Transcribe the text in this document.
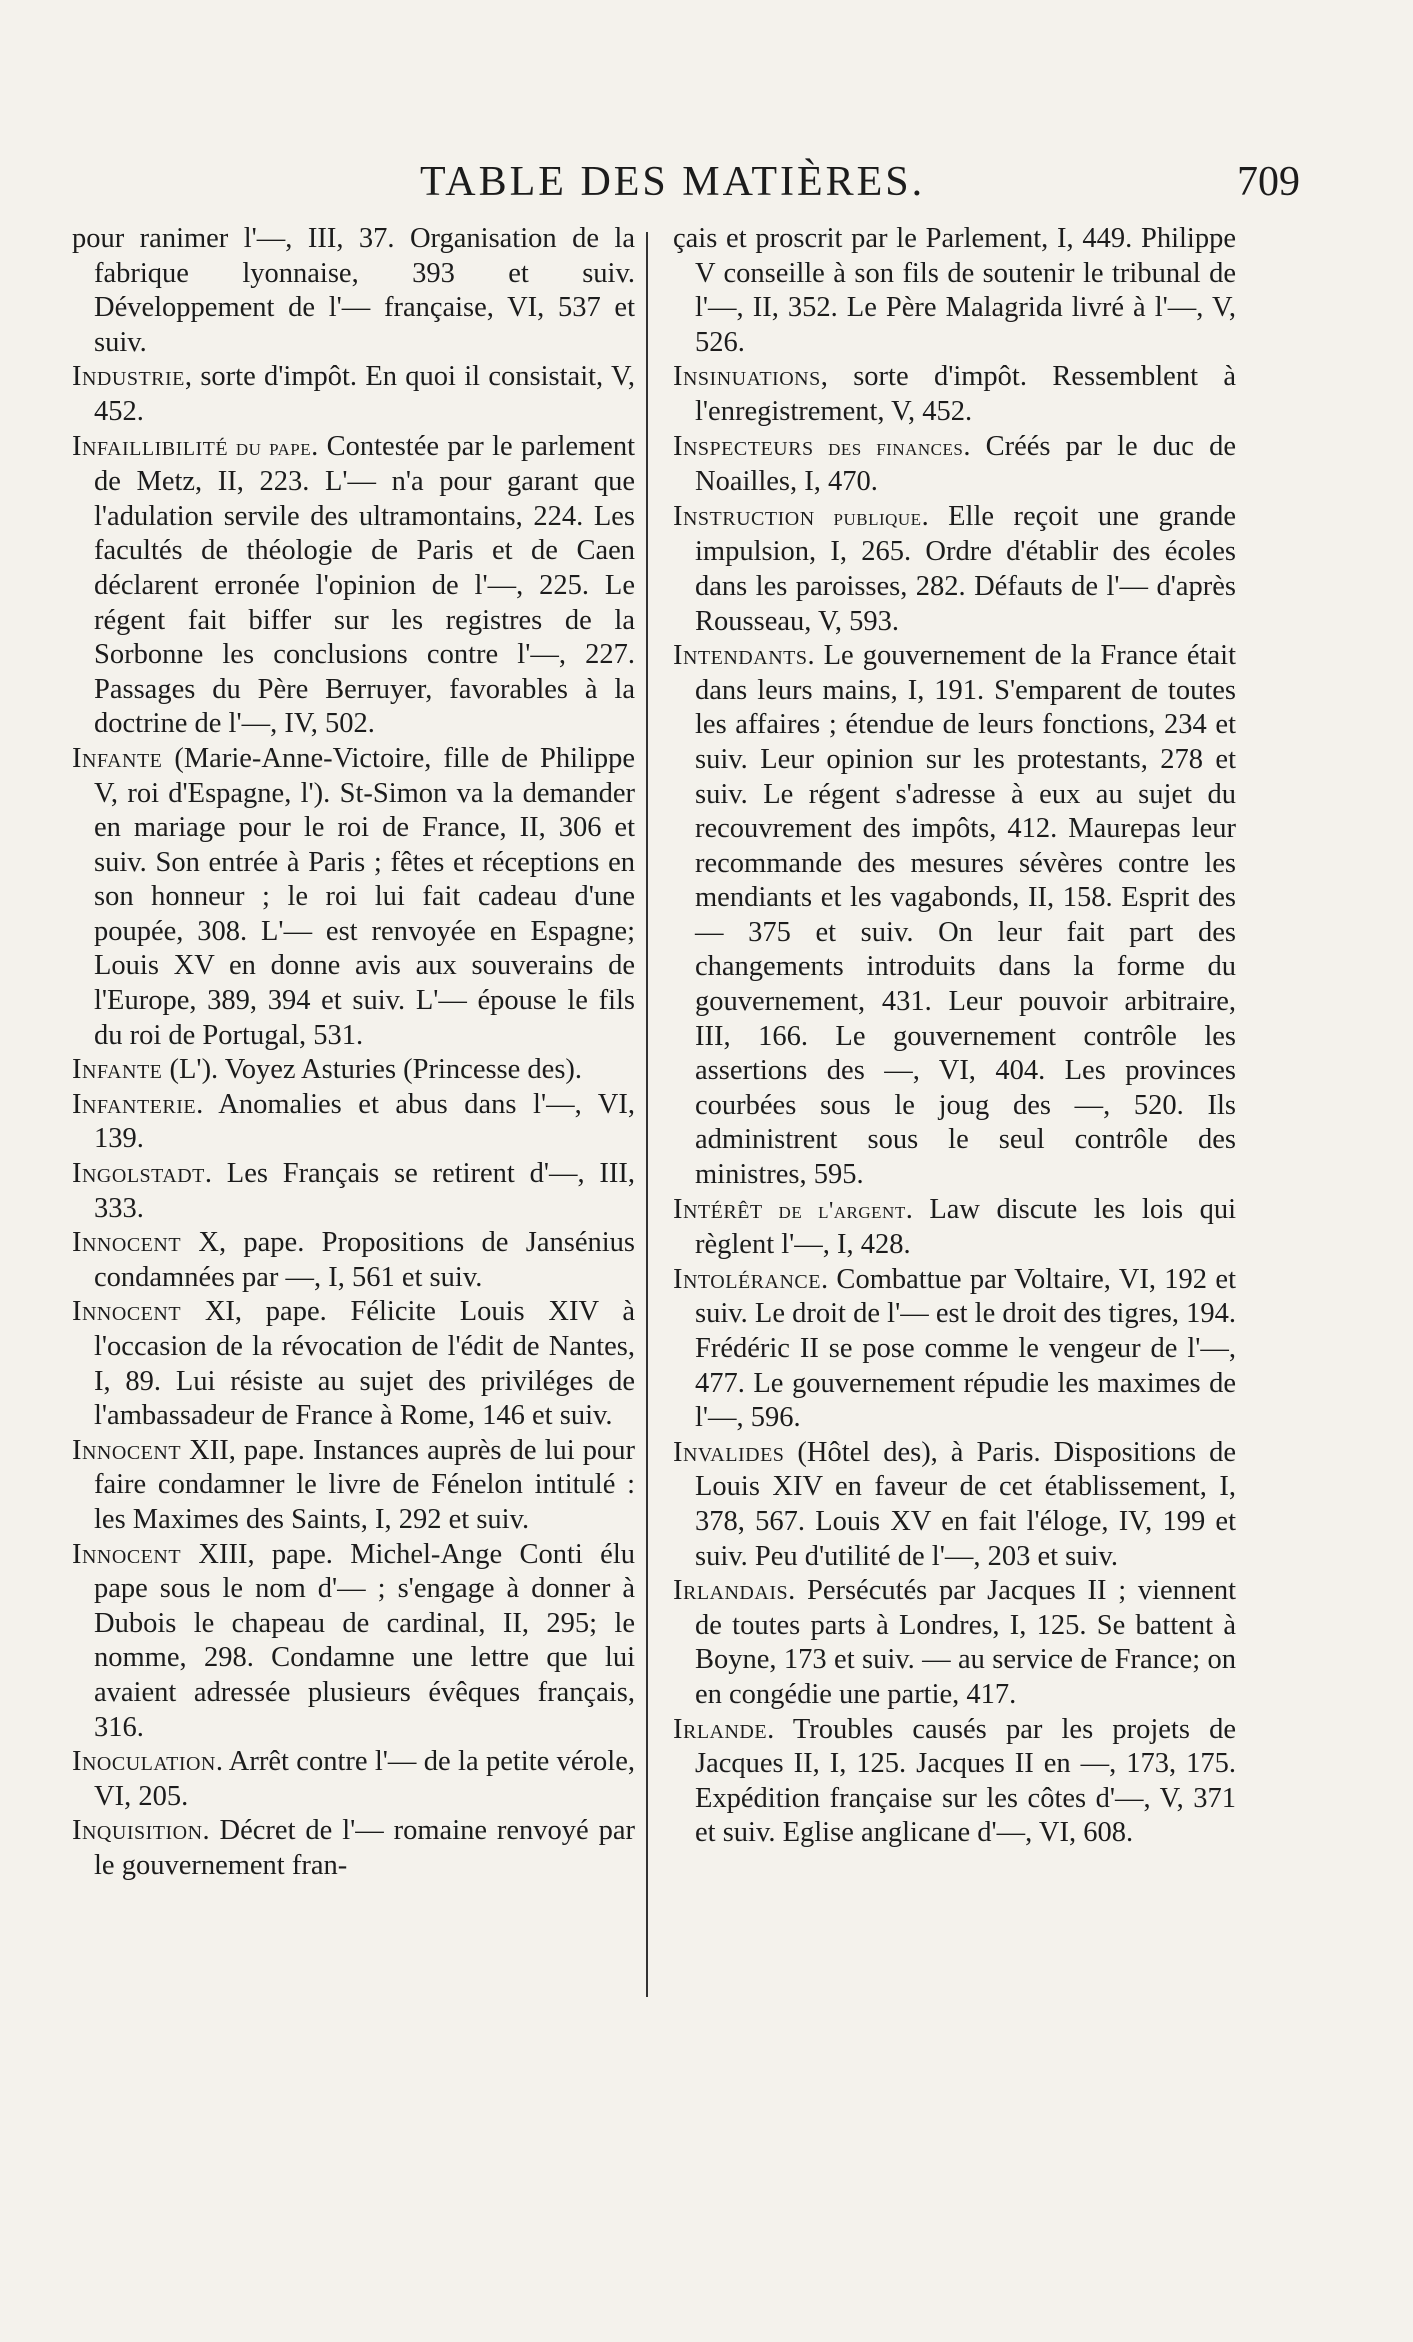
TABLE DES MATIÈRES.	709

pour ranimer l'—, III, 37. Organisation de la fabrique lyonnaise, 393 et suiv. Développement de l'— française, VI, 537 et suiv.

Industrie, sorte d'impôt. En quoi il consistait, V, 452.

Infaillibilité du pape. Contestée par le parlement de Metz, II, 223. L'— n'a pour garant que l'adulation servile des ultramontains, 224. Les facultés de théologie de Paris et de Caen déclarent erronée l'opinion de l'—, 225. Le régent fait biffer sur les registres de la Sorbonne les conclusions contre l'—, 227. Passages du Père Berruyer, favorables à la doctrine de l'—, IV, 502.

Infante (Marie-Anne-Victoire, fille de Philippe V, roi d'Espagne, l'). St-Simon va la demander en mariage pour le roi de France, II, 306 et suiv. Son entrée à Paris ; fêtes et réceptions en son honneur ; le roi lui fait cadeau d'une poupée, 308. L'— est renvoyée en Espagne; Louis XV en donne avis aux souverains de l'Europe, 389, 394 et suiv. L'— épouse le fils du roi de Portugal, 531.

Infante (L'). Voyez Asturies (Princesse des).

Infanterie. Anomalies et abus dans l'—, VI, 139.

Ingolstadt. Les Français se retirent d'—, III, 333.

Innocent X, pape. Propositions de Jansénius condamnées par —, I, 561 et suiv.

Innocent XI, pape. Félicite Louis XIV à l'occasion de la révocation de l'édit de Nantes, I, 89. Lui résiste au sujet des priviléges de l'ambassadeur de France à Rome, 146 et suiv.

Innocent XII, pape. Instances auprès de lui pour faire condamner le livre de Fénelon intitulé : les Maximes des Saints, I, 292 et suiv.

Innocent XIII, pape. Michel-Ange Conti élu pape sous le nom d'— ; s'engage à donner à Dubois le chapeau de cardinal, II, 295; le nomme, 298. Condamne une lettre que lui avaient adressée plusieurs évêques français, 316.

Inoculation. Arrêt contre l'— de la petite vérole, VI, 205.

Inquisition. Décret de l'— romaine renvoyé par le gouvernement fran-

çais et proscrit par le Parlement, I, 449. Philippe V conseille à son fils de soutenir le tribunal de l'—, II, 352. Le Père Malagrida livré à l'—, V, 526.

Insinuations, sorte d'impôt. Ressemblent à l'enregistrement, V, 452.

Inspecteurs des finances. Créés par le duc de Noailles, I, 470.

Instruction publique. Elle reçoit une grande impulsion, I, 265. Ordre d'établir des écoles dans les paroisses, 282. Défauts de l'— d'après Rousseau, V, 593.

Intendants. Le gouvernement de la France était dans leurs mains, I, 191. S'emparent de toutes les affaires ; étendue de leurs fonctions, 234 et suiv. Leur opinion sur les protestants, 278 et suiv. Le régent s'adresse à eux au sujet du recouvrement des impôts, 412. Maurepas leur recommande des mesures sévères contre les mendiants et les vagabonds, II, 158. Esprit des — 375 et suiv. On leur fait part des changements introduits dans la forme du gouvernement, 431. Leur pouvoir arbitraire, III, 166. Le gouvernement contrôle les assertions des —, VI, 404. Les provinces courbées sous le joug des —, 520. Ils administrent sous le seul contrôle des ministres, 595.

Intérêt de l'argent. Law discute les lois qui règlent l'—, I, 428.

Intolérance. Combattue par Voltaire, VI, 192 et suiv. Le droit de l'— est le droit des tigres, 194. Frédéric II se pose comme le vengeur de l'—, 477. Le gouvernement répudie les maximes de l'—, 596.

Invalides (Hôtel des), à Paris. Dispositions de Louis XIV en faveur de cet établissement, I, 378, 567. Louis XV en fait l'éloge, IV, 199 et suiv. Peu d'utilité de l'—, 203 et suiv.

Irlandais. Persécutés par Jacques II ; viennent de toutes parts à Londres, I, 125. Se battent à Boyne, 173 et suiv. — au service de France; on en congédie une partie, 417.

Irlande. Troubles causés par les projets de Jacques II, I, 125. Jacques II en —, 173, 175. Expédition française sur les côtes d'—, V, 371 et suiv. Eglise anglicane d'—, VI, 608.
